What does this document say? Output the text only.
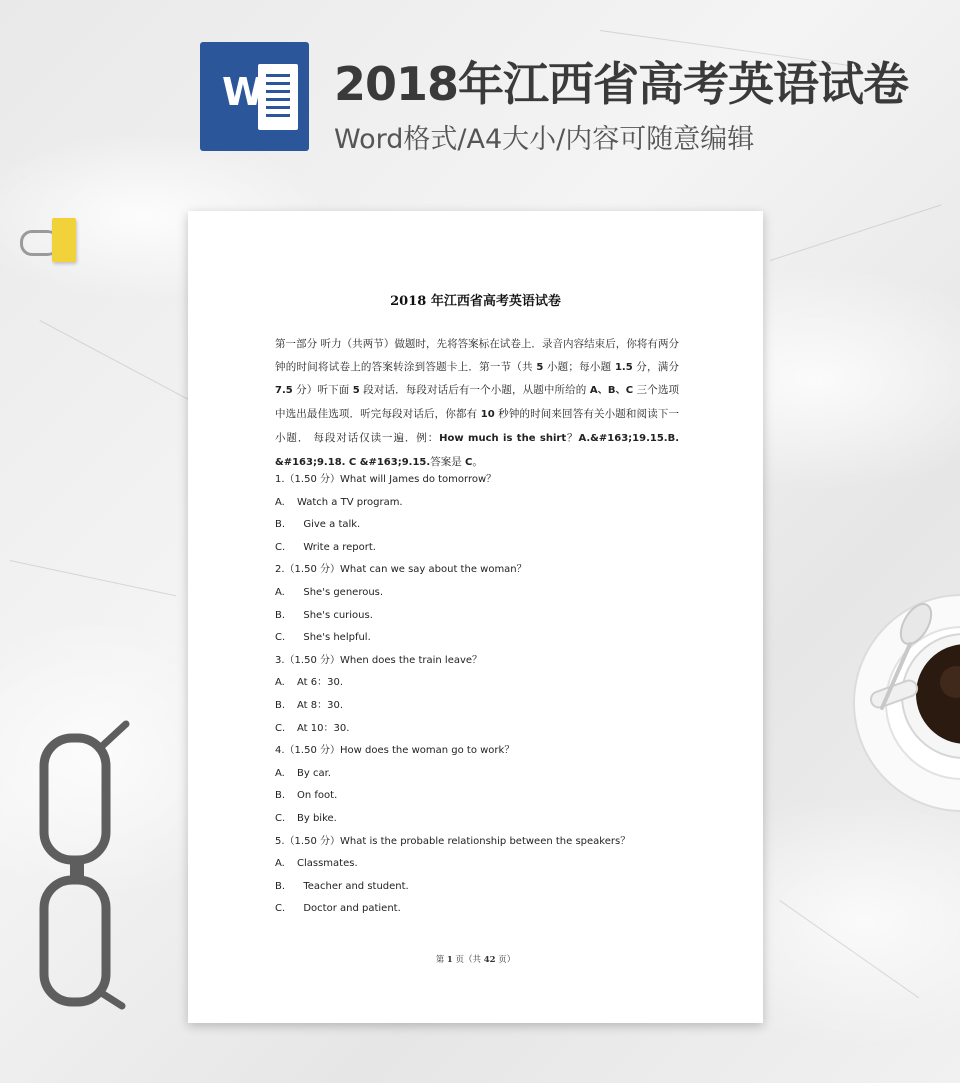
W 2018年江西省高考英语试卷

Word格式/A4大小/内容可随意编辑

2018 年江西省高考英语试卷

第一部分 听力（共两节）做题时，先将答案标在试卷上．录音内容结束后，你将有两分钟的时间将试卷上的答案转涂到答题卡上．第一节（共 5 小题；每小题 1.5 分，满分 7.5 分）听下面 5 段对话．每段对话后有一个小题，从题中所给的 A、B、C 三个选项中选出最佳选项．听完每段对话后，你都有 10 秒钟的时间来回答有关小题和阅读下一小题． 每段对话仅读一遍．例：How much is the shirt？A.&#163;19.15.B. &#163;9.18. C &#163;9.15.答案是 C。

1.（1.50 分）What will James do tomorrow？
A. Watch a TV program.
B.  Give a talk.
C.  Write a report.
2.（1.50 分）What can we say about the woman？
A.  She's generous.
B.  She's curious.
C.  She's helpful.
3.（1.50 分）When does the train leave？
A. At 6：30.
B. At 8：30.
C. At 10：30.
4.（1.50 分）How does the woman go to work？
A. By car.
B. On foot.
C. By bike.
5.（1.50 分）What is the probable relationship between the speakers？
A. Classmates.
B.  Teacher and student.
C.  Doctor and patient.

第 1 页（共 42 页）
